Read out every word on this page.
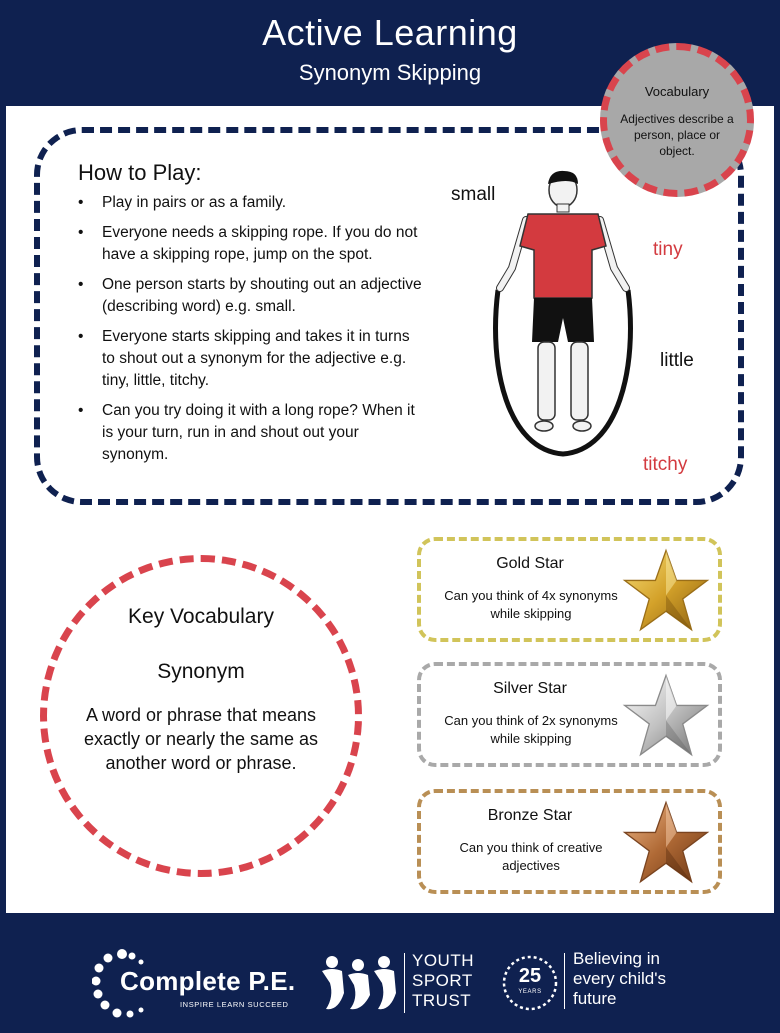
Active Learning
Synonym Skipping
How to Play:
• Play in pairs or as a family.
• Everyone needs a skipping rope. If you do not have a skipping rope, jump on the spot.
• One person starts by shouting out an adjective (describing word) e.g. small.
• Everyone starts skipping and takes it in turns to shout out a synonym for the adjective e.g. tiny, little, titchy.
• Can you try doing it with a long rope? When it is your turn, run in and shout out your synonym.
Vocabulary
Adjectives describe a person, place or object.
small
tiny
little
titchy
Key Vocabulary
Synonym
A word or phrase that means exactly or nearly the same as another word or phrase.
Gold Star
Can you think of 4x synonyms while skipping
Silver Star
Can you think of 2x synonyms while skipping
Bronze Star
Can you think of creative adjectives
Complete P.E.
INSPIRE LEARN SUCCEED
YOUTH
SPORT
TRUST
25
YEARS
Believing in
every child's
future
